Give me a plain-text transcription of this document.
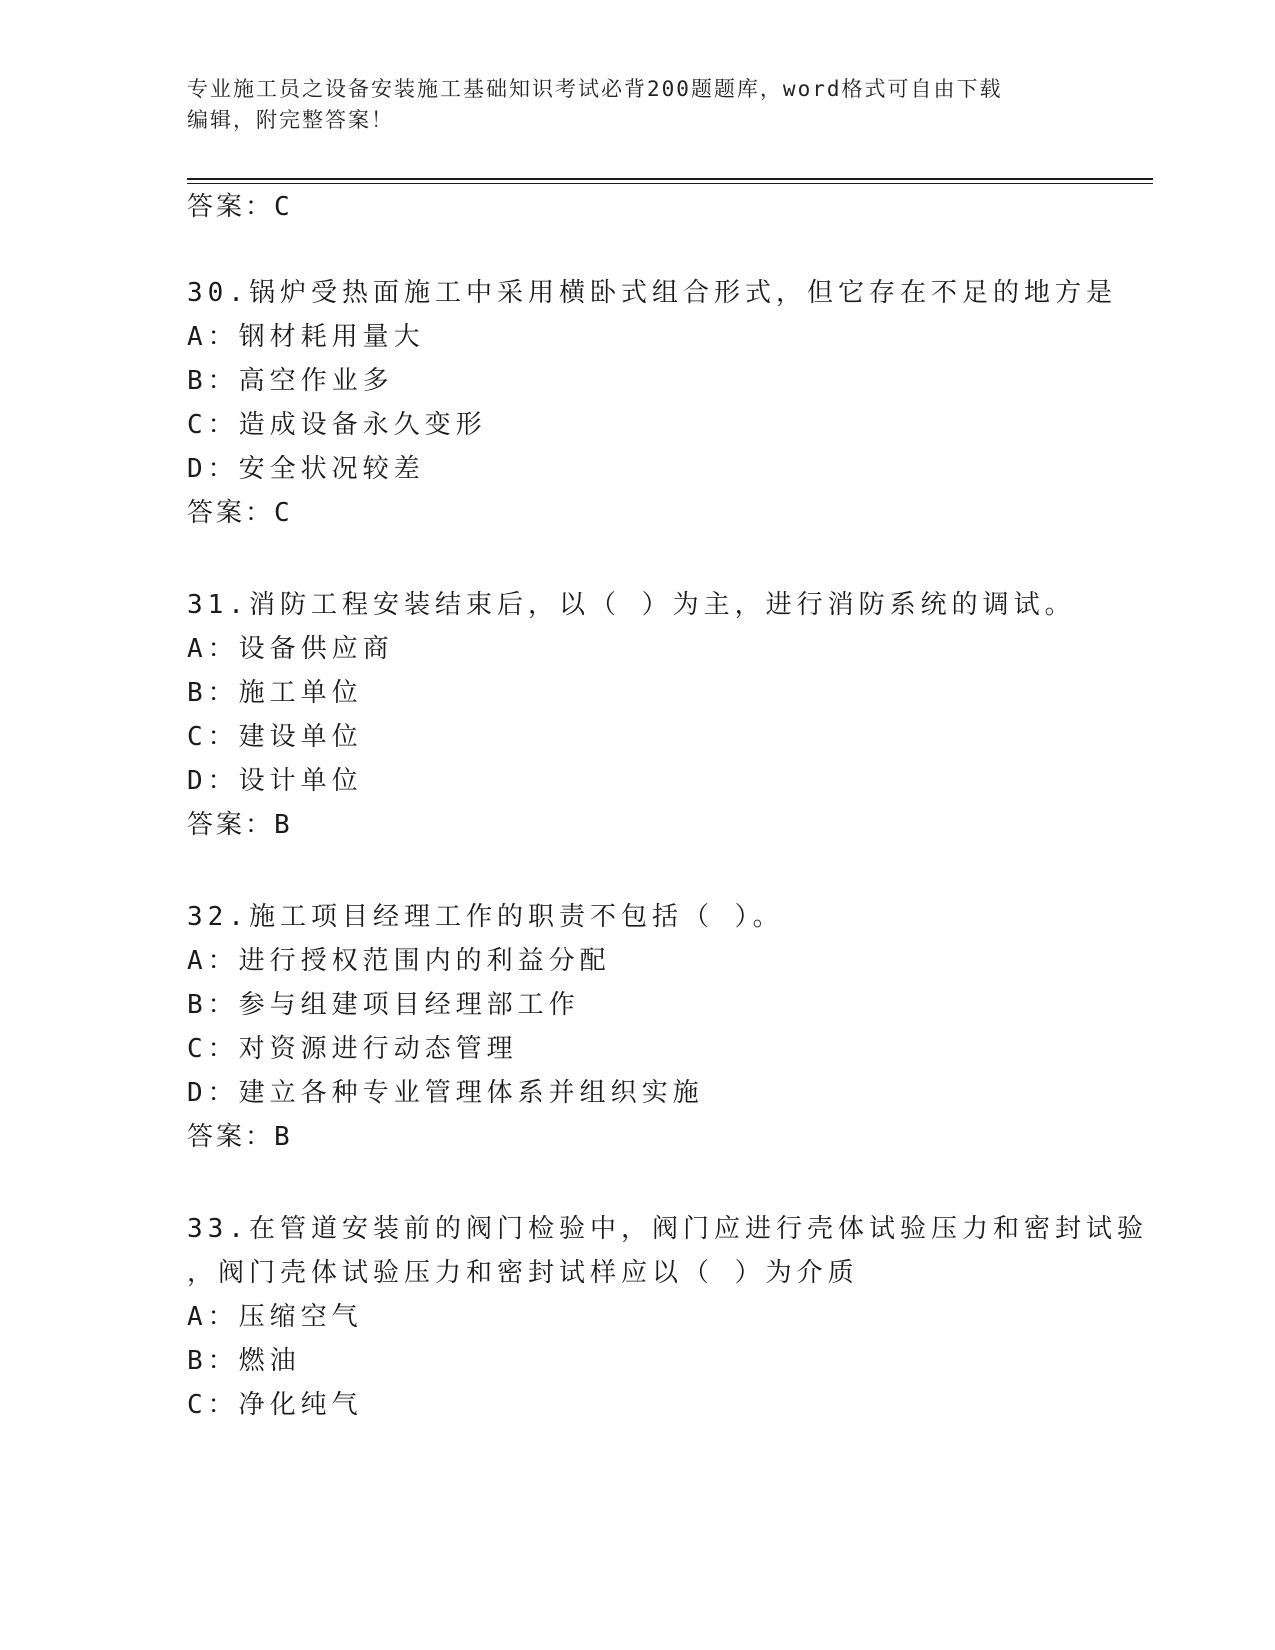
专业施工员之设备安装施工基础知识考试必背200题题库，word格式可自由下载
编辑，附完整答案！
答案：C
30.锅炉受热面施工中采用横卧式组合形式，但它存在不足的地方是
A：钢材耗用量大
B：高空作业多
C：造成设备永久变形
D：安全状况较差
答案：C
31.消防工程安装结束后，以（ ）为主，进行消防系统的调试。
A：设备供应商
B：施工单位
C：建设单位
D：设计单位
答案：B
32.施工项目经理工作的职责不包括（ ）。
A：进行授权范围内的利益分配
B：参与组建项目经理部工作
C：对资源进行动态管理
D：建立各种专业管理体系并组织实施
答案：B
33.在管道安装前的阀门检验中，阀门应进行壳体试验压力和密封试验
，阀门壳体试验压力和密封试样应以（ ）为介质
A：压缩空气
B：燃油
C：净化纯气
